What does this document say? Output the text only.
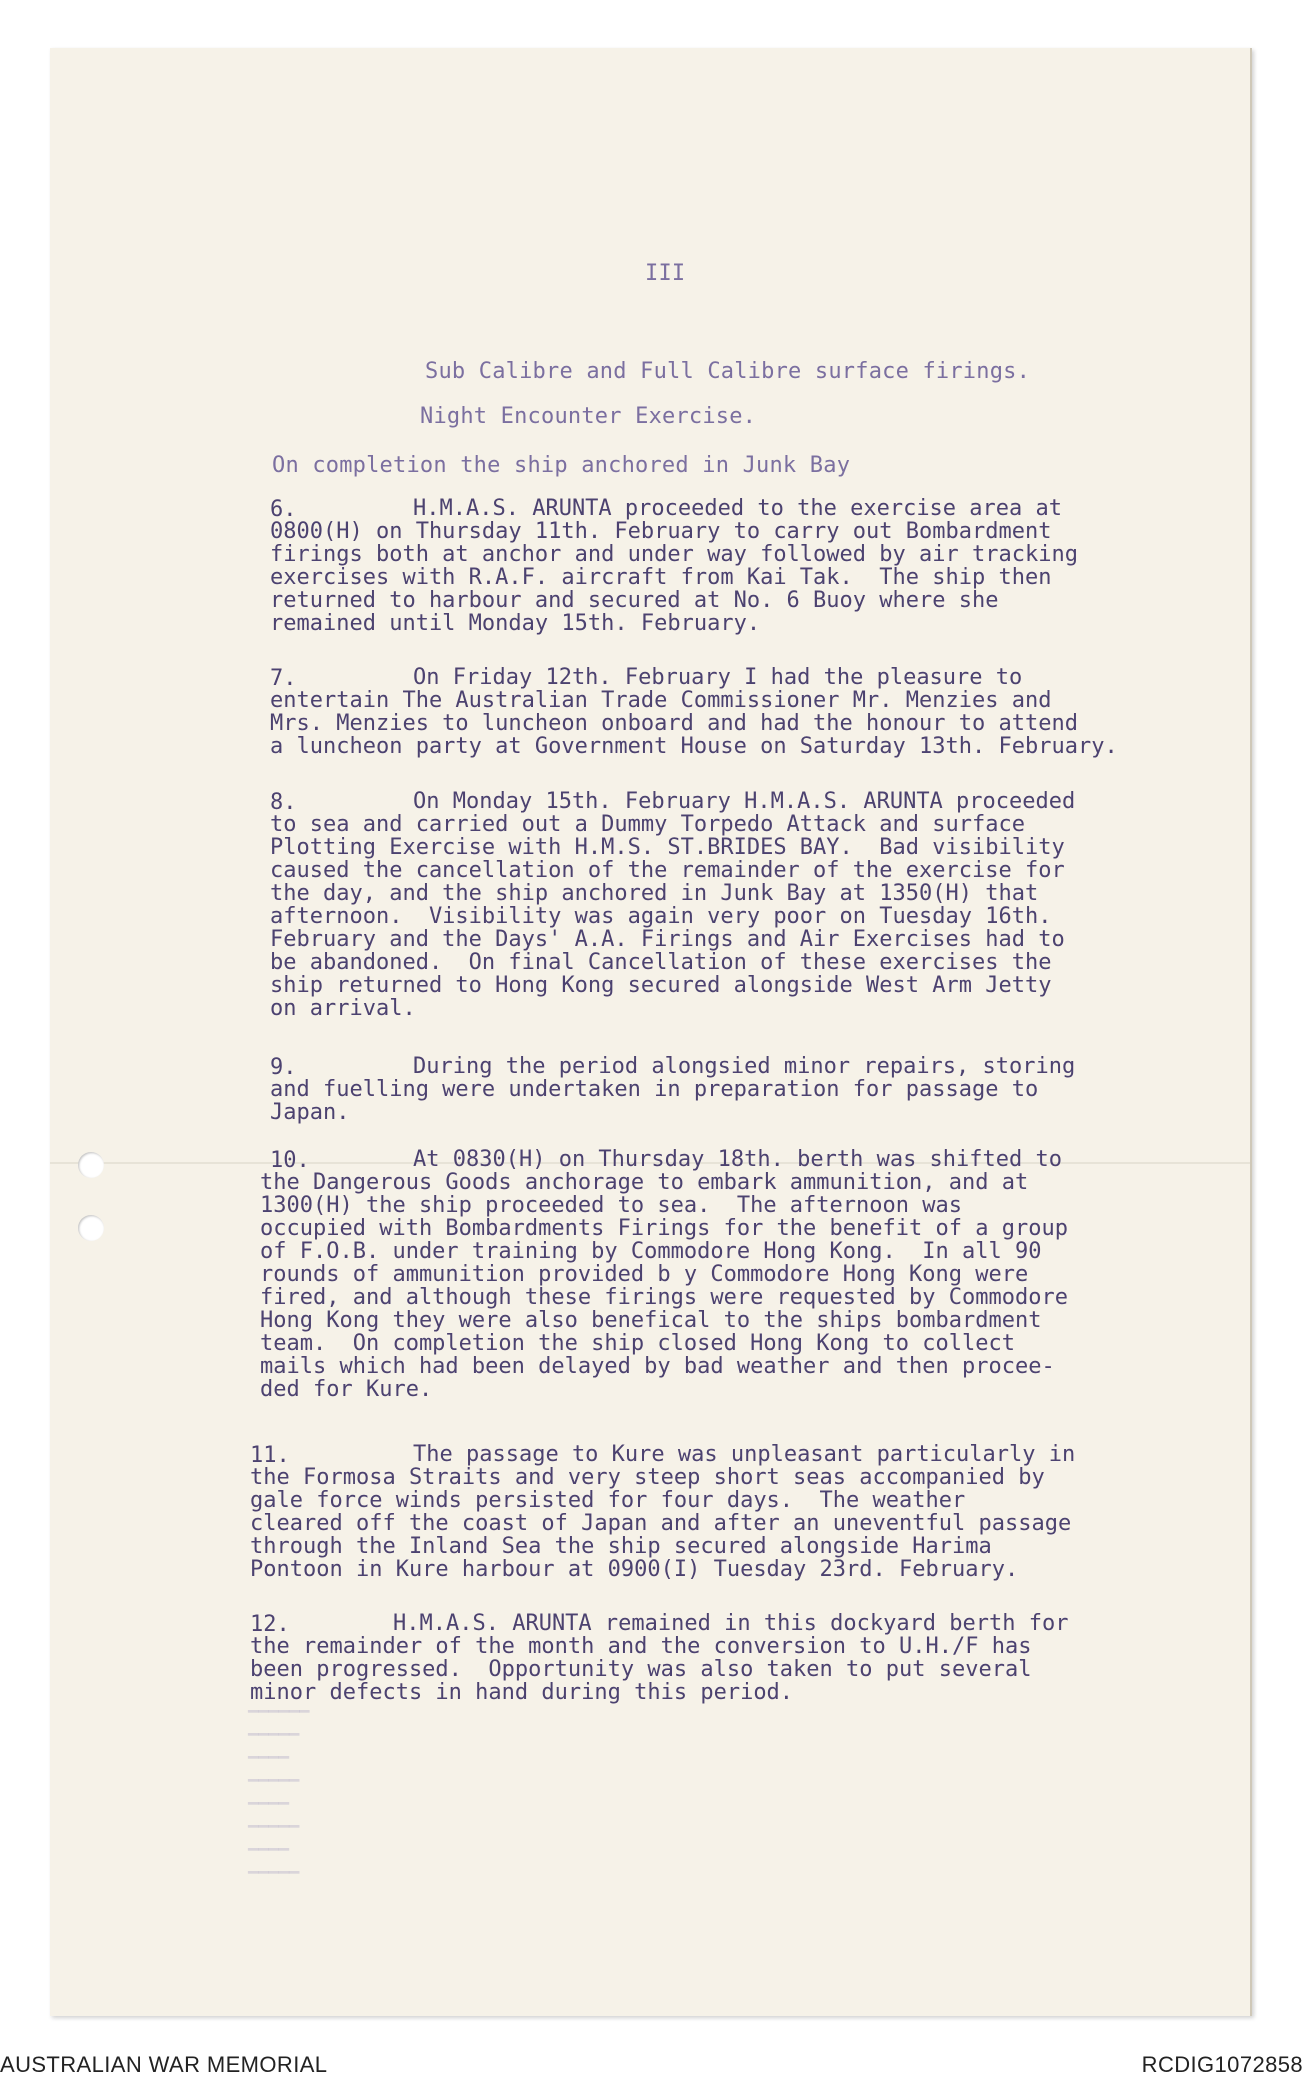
III
Sub Calibre and Full Calibre surface firings.
Night Encounter Exercise.
On completion the ship anchored in Junk Bay
6.	H.M.A.S. ARUNTA proceeded to the exercise area at
0800(H) on Thursday 11th. February to carry out Bombardment
firings both at anchor and under way followed by air tracking
exercises with R.A.F. aircraft from Kai Tak.  The ship then
returned to harbour and secured at No. 6 Buoy where she
remained until Monday 15th. February.
7.	On Friday 12th. February I had the pleasure to
entertain The Australian Trade Commissioner Mr. Menzies and
Mrs. Menzies to luncheon onboard and had the honour to attend
a luncheon party at Government House on Saturday 13th. February.
8.	On Monday 15th. February H.M.A.S. ARUNTA proceeded
to sea and carried out a Dummy Torpedo Attack and surface
Plotting Exercise with H.M.S. ST.BRIDES BAY.  Bad visibility
caused the cancellation of the remainder of the exercise for
the day, and the ship anchored in Junk Bay at 1350(H) that
afternoon.  Visibility was again very poor on Tuesday 16th.
February and the Days' A.A. Firings and Air Exercises had to
be abandoned.  On final Cancellation of these exercises the
ship returned to Hong Kong secured alongside West Arm Jetty
on arrival.
9.	During the period alongsied minor repairs, storing
and fuelling were undertaken in preparation for passage to
Japan.
10.	At 0830(H) on Thursday 18th. berth was shifted to
the Dangerous Goods anchorage to embark ammunition, and at
1300(H) the ship proceeded to sea.  The afternoon was
occupied with Bombardments Firings for the benefit of a group
of F.O.B. under training by Commodore Hong Kong.  In all 90
rounds of ammunition provided b y Commodore Hong Kong were
fired, and although these firings were requested by Commodore
Hong Kong they were also benefical to the ships bombardment
team.  On completion the ship closed Hong Kong to collect
mails which had been delayed by bad weather and then procee-
ded for Kure.
11.	The passage to Kure was unpleasant particularly in
the Formosa Straits and very steep short seas accompanied by
gale force winds persisted for four days.  The weather
cleared off the coast of Japan and after an uneventful passage
through the Inland Sea the ship secured alongside Harima
Pontoon in Kure harbour at 0900(I) Tuesday 23rd. February.
12.	H.M.A.S. ARUNTA remained in this dockyard berth for
the remainder of the month and the conversion to U.H./F has
been progressed.  Opportunity was also taken to put several
minor defects in hand during this period.
▔▔▔▔▔▔
▔▔▔▔▔
▔▔▔▔
▔▔▔▔▔
▔▔▔▔
▔▔▔▔▔
▔▔▔▔
▔▔▔▔▔
AUSTRALIAN WAR MEMORIAL	RCDIG1072858
